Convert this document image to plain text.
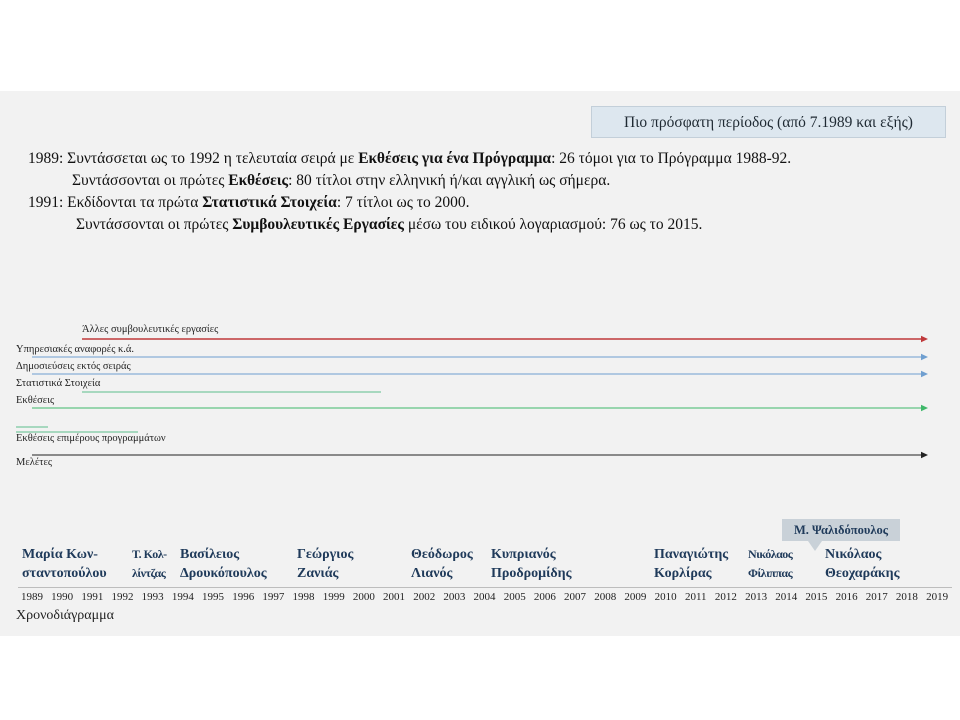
Πιο πρόσφατη περίοδος (από 7.1989 και εξής)
1989: Συντάσσεται ως το 1992 η τελευταία σειρά με Εκθέσεις για ένα Πρόγραμμα: 26 τόμοι για το Πρόγραμμα 1988-92.
Συντάσσονται οι πρώτες Εκθέσεις: 80 τίτλοι στην ελληνική ή/και αγγλική ως σήμερα.
1991: Εκδίδονται τα πρώτα Στατιστικά Στοιχεία: 7 τίτλοι ως το 2000.
Συντάσσονται οι πρώτες Συμβουλευτικές Εργασίες μέσω του ειδικού λογαριασμού: 76 ως το 2015.
Άλλες συμβουλευτικές εργασίες
Υπηρεσιακές αναφορές κ.ά.
Δημοσιεύσεις εκτός σειράς
Στατιστικά Στοιχεία
Εκθέσεις
Εκθέσεις επιμέρους προγραμμάτων
Μελέτες
Μαρία Κων-
σταντοπούλου
Τ. Κολ-
λίντζας
Βασίλειος
Δρουκόπουλος
Γεώργιος
Ζανιάς
Θεόδωρος
Λιανός
Κυπριανός
Προδρομίδης
Παναγιώτης
Κορλίρας
Νικόλαος
Φίλιππας
Νικόλαος
Θεοχαράκης
Μ. Ψαλιδόπουλος
1989 1990 1991 1992 1993 1994 1995 1996 1997 1998 1999 2000 2001 2002 2003 2004 2005 2006 2007 2008 2009 2010 2011 2012 2013 2014 2015 2016 2017 2018 2019
Χρονοδιάγραμμα
